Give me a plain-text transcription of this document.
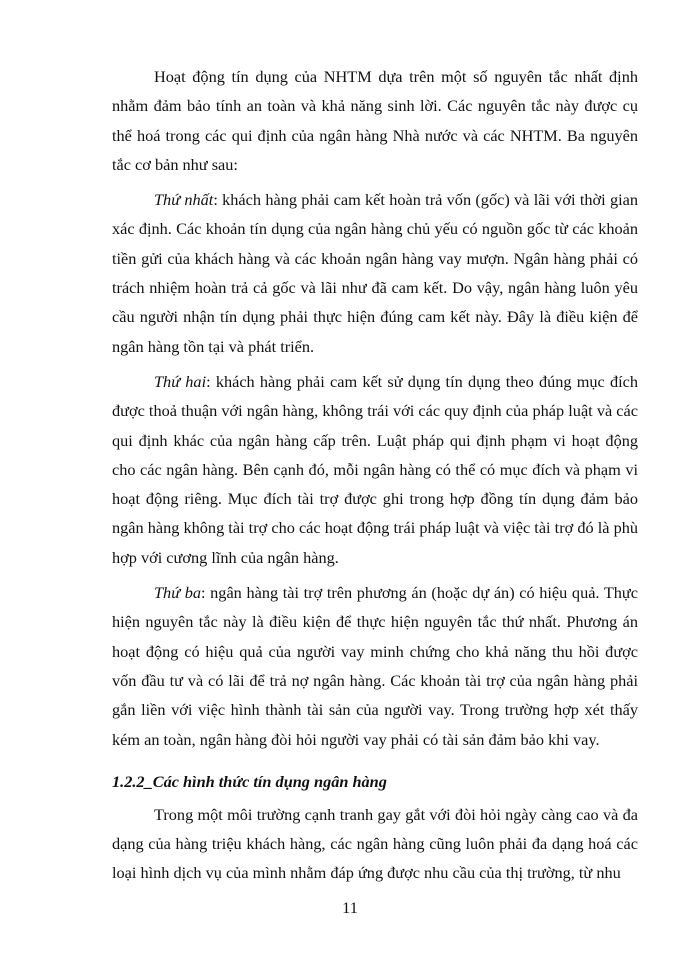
Hoạt động tín dụng của NHTM dựa trên một số nguyên tắc nhất định nhằm đảm bảo tính an toàn và khả năng sinh lời. Các nguyên tắc này được cụ thể hoá trong các qui định của ngân hàng Nhà nước và các NHTM. Ba nguyên tắc cơ bản như sau:

Thứ nhất: khách hàng phải cam kết hoàn trả vốn (gốc) và lãi với thời gian xác định. Các khoản tín dụng của ngân hàng chủ yếu có nguồn gốc từ các khoản tiền gửi của khách hàng và các khoản ngân hàng vay mượn. Ngân hàng phải có trách nhiệm hoàn trả cả gốc và lãi như đã cam kết. Do vậy, ngân hàng luôn yêu cầu người nhận tín dụng phải thực hiện đúng cam kết này. Đây là điều kiện để ngân hàng tồn tại và phát triển.

Thứ hai: khách hàng phải cam kết sử dụng tín dụng theo đúng mục đích được thoả thuận với ngân hàng, không trái với các quy định của pháp luật và các qui định khác của ngân hàng cấp trên. Luật pháp qui định phạm vi hoạt động cho các ngân hàng. Bên cạnh đó, mỗi ngân hàng có thể có mục đích và phạm vi hoạt động riêng. Mục đích tài trợ được ghi trong hợp đồng tín dụng đảm bảo ngân hàng không tài trợ cho các hoạt động trái pháp luật và việc tài trợ đó là phù hợp với cương lĩnh của ngân hàng.

Thứ ba: ngân hàng tài trợ trên phương án (hoặc dự án) có hiệu quả. Thực hiện nguyên tắc này là điều kiện để thực hiện nguyên tắc thứ nhất. Phương án hoạt động có hiệu quả của người vay minh chứng cho khả năng thu hồi được vốn đầu tư và có lãi để trả nợ ngân hàng. Các khoản tài trợ của ngân hàng phải gắn liền với việc hình thành tài sản của người vay. Trong trường hợp xét thấy kém an toàn, ngân hàng đòi hỏi người vay phải có tài sản đảm bảo khi vay.

1.2.2_Các hình thức tín dụng ngân hàng

Trong một môi trường cạnh tranh gay gắt với đòi hỏi ngày càng cao và đa dạng của hàng triệu khách hàng, các ngân hàng cũng luôn phải đa dạng hoá các loại hình dịch vụ của mình nhằm đáp ứng được nhu cầu của thị trường, từ nhu

11
